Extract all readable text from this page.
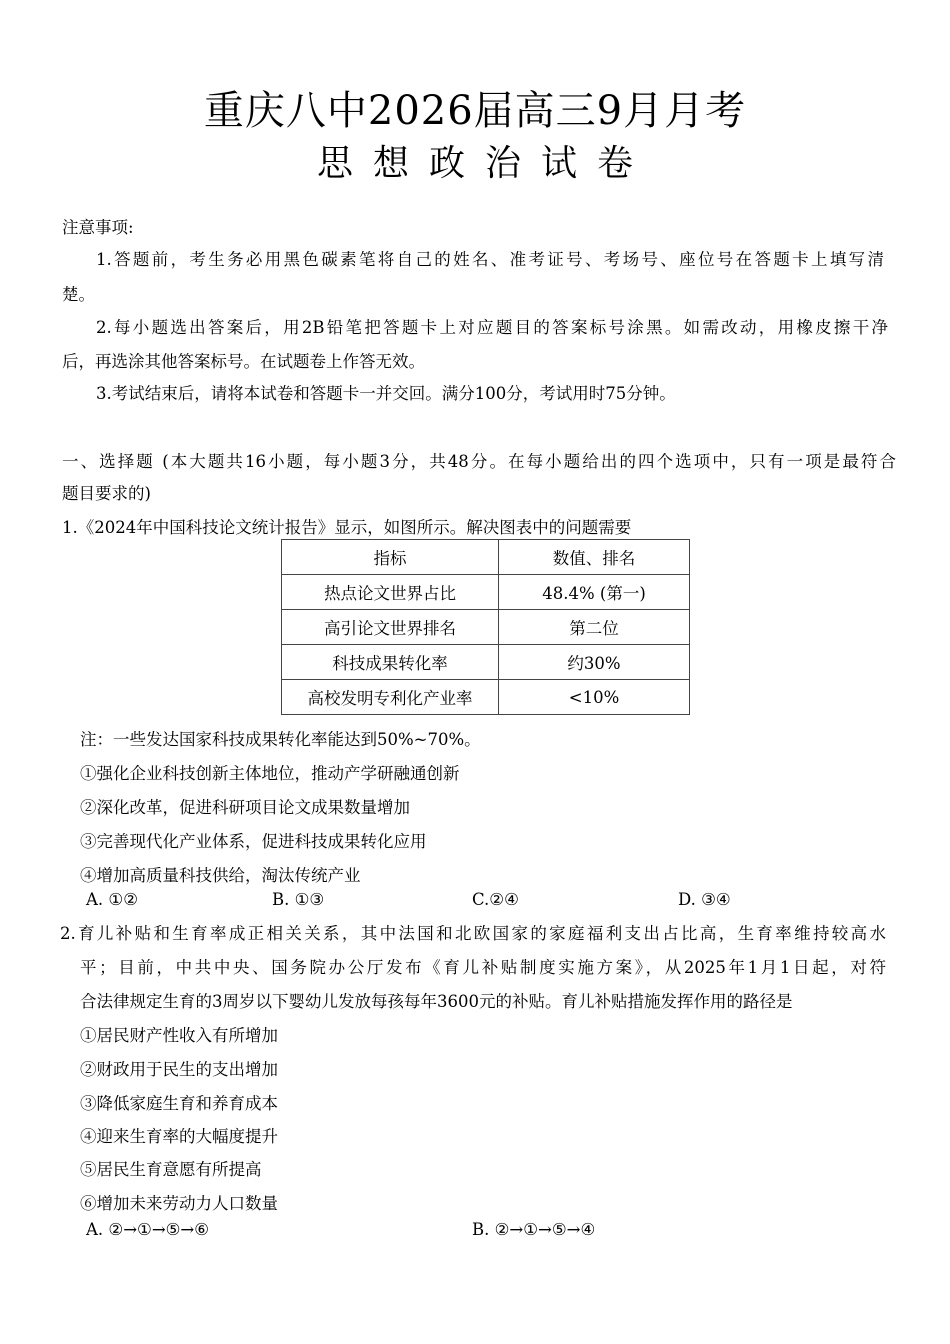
重庆八中2026届高三9月月考
思想政治试卷
注意事项:
1.答题前，考生务必用黑色碳素笔将自己的姓名、准考证号、考场号、座位号在答题卡上填写清
楚。
2.每小题选出答案后，用2B铅笔把答题卡上对应题目的答案标号涂黑。如需改动，用橡皮擦干净
后，再选涂其他答案标号。在试题卷上作答无效。
3.考试结束后，请将本试卷和答题卡一并交回。满分100分，考试用时75分钟。
一、选择题 (本大题共16小题，每小题3分，共48分。在每小题给出的四个选项中，只有一项是最符合
题目要求的)
1.《2024年中国科技论文统计报告》显示，如图所示。解决图表中的问题需要
指标	数值、排名
热点论文世界占比	48.4% (第一)
高引论文世界排名	第二位
科技成果转化率	约30%
高校发明专利化产业率	<10%
注：一些发达国家科技成果转化率能达到50%~70%。
①强化企业科技创新主体地位，推动产学研融通创新
②深化改革，促进科研项目论文成果数量增加
③完善现代化产业体系，促进科技成果转化应用
④增加高质量科技供给，淘汰传统产业
A. ①②	B. ①③	C.②④	D. ③④
2.育儿补贴和生育率成正相关关系，其中法国和北欧国家的家庭福利支出占比高，生育率维持较高水
平；目前，中共中央、国务院办公厅发布《育儿补贴制度实施方案》，从2025年1月1日起，对符
合法律规定生育的3周岁以下婴幼儿发放每孩每年3600元的补贴。育儿补贴措施发挥作用的路径是
①居民财产性收入有所增加
②财政用于民生的支出增加
③降低家庭生育和养育成本
④迎来生育率的大幅度提升
⑤居民生育意愿有所提高
⑥增加未来劳动力人口数量
A. ②→①→⑤→⑥	B. ②→①→⑤→④
